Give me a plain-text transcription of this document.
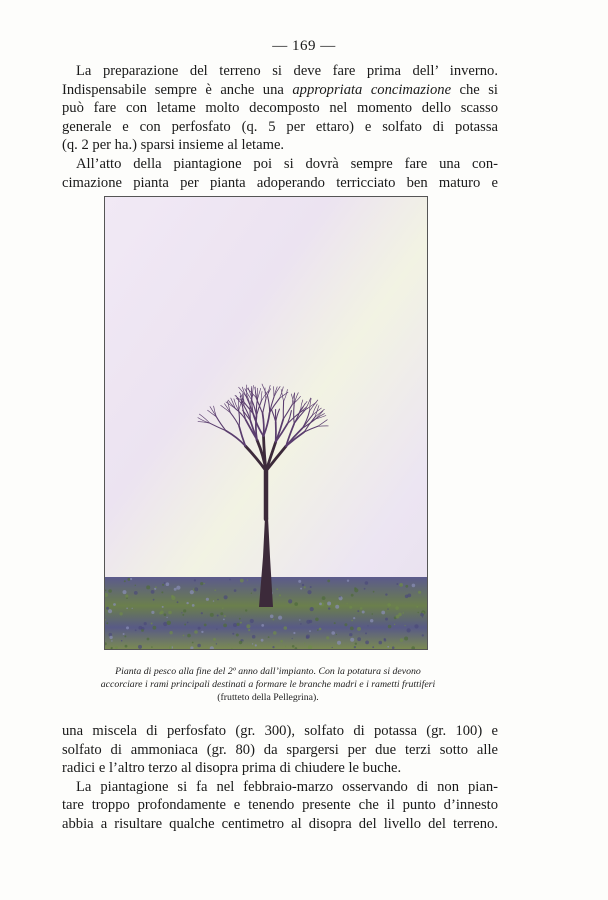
— 169 —

La preparazione del terreno si deve fare prima dell’ inverno.
Indispensabile sempre è anche una appropriata concimazione che si
può fare con letame molto decomposto nel momento dello scasso
generale e con perfosfato (q. 5 per ettaro) e solfato di potassa
(q. 2 per ha.) sparsi insieme al letame.

All’atto della piantagione poi si dovrà sempre fare una con-
cimazione pianta per pianta adoperando terricciato ben maturo e

Pianta di pesco alla fine del 2º anno dall’impianto. Con la potatura si devono accorciare i rami principali destinati a formare le branche madri e i rametti fruttiferi (frutteto della Pellegrina).

una miscela di perfosfato (gr. 300), solfato di potassa (gr. 100) e
solfato di ammoniaca (gr. 80) da spargersi per due terzi sotto alle
radici e l’altro terzo al disopra prima di chiudere le buche.

La piantagione si fa nel febbraio-marzo osservando di non pian-
tare troppo profondamente e tenendo presente che il punto d’innesto
abbia a risultare qualche centimetro al disopra del livello del terreno.
